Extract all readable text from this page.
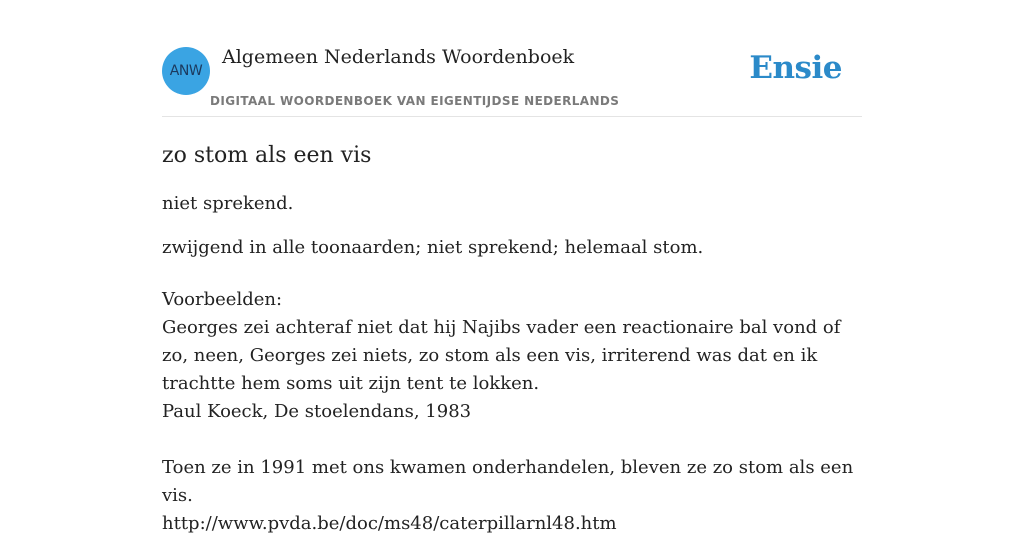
ANW
Algemeen Nederlands Woordenboek
DIGITAAL WOORDENBOEK VAN EIGENTIJDSE NEDERLANDS
Ensie
zo stom als een vis
niet sprekend.
zwijgend in alle toonaarden; niet sprekend; helemaal stom.
Voorbeelden:
Georges zei achteraf niet dat hij Najibs vader een reactionaire bal vond of zo, neen, Georges zei niets, zo stom als een vis, irriterend was dat en ik trachtte hem soms uit zijn tent te lokken.
Paul Koeck, De stoelendans, 1983
Toen ze in 1991 met ons kwamen onderhandelen, bleven ze zo stom als een vis.
http://www.pvda.be/doc/ms48/caterpillarnl48.htm
